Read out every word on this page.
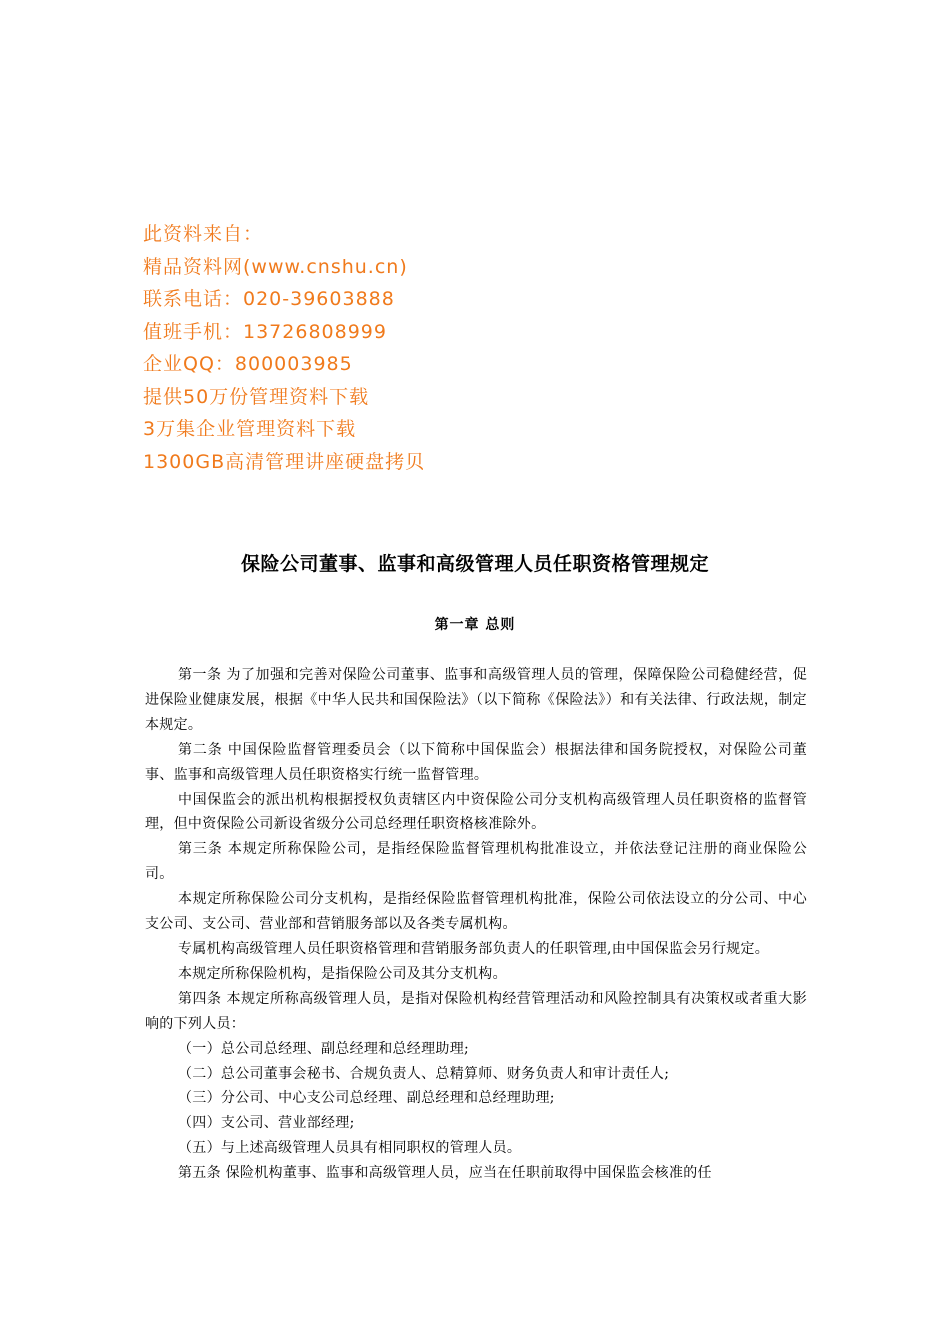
此资料来自：
精品资料网(www.cnshu.cn)
联系电话：020-39603888
值班手机：13726808999
企业QQ：800003985
提供50万份管理资料下载
3万集企业管理资料下载
1300GB高清管理讲座硬盘拷贝
保险公司董事、监事和高级管理人员任职资格管理规定
第一章 总则

第一条 为了加强和完善对保险公司董事、监事和高级管理人员的管理，保障保险公司稳健经营，促进保险业健康发展，根据《中华人民共和国保险法》（以下简称《保险法》）和有关法律、行政法规，制定本规定。

第二条 中国保险监督管理委员会（以下简称中国保监会）根据法律和国务院授权，对保险公司董事、监事和高级管理人员任职资格实行统一监督管理。

中国保监会的派出机构根据授权负责辖区内中资保险公司分支机构高级管理人员任职资格的监督管理，但中资保险公司新设省级分公司总经理任职资格核准除外。

第三条 本规定所称保险公司，是指经保险监督管理机构批准设立，并依法登记注册的商业保险公司。

本规定所称保险公司分支机构，是指经保险监督管理机构批准，保险公司依法设立的分公司、中心支公司、支公司、营业部和营销服务部以及各类专属机构。

专属机构高级管理人员任职资格管理和营销服务部负责人的任职管理,由中国保监会另行规定。

本规定所称保险机构，是指保险公司及其分支机构。

第四条 本规定所称高级管理人员，是指对保险机构经营管理活动和风险控制具有决策权或者重大影响的下列人员：

（一）总公司总经理、副总经理和总经理助理;

（二）总公司董事会秘书、合规负责人、总精算师、财务负责人和审计责任人;

（三）分公司、中心支公司总经理、副总经理和总经理助理;

（四）支公司、营业部经理;

（五）与上述高级管理人员具有相同职权的管理人员。

第五条 保险机构董事、监事和高级管理人员，应当在任职前取得中国保监会核准的任
